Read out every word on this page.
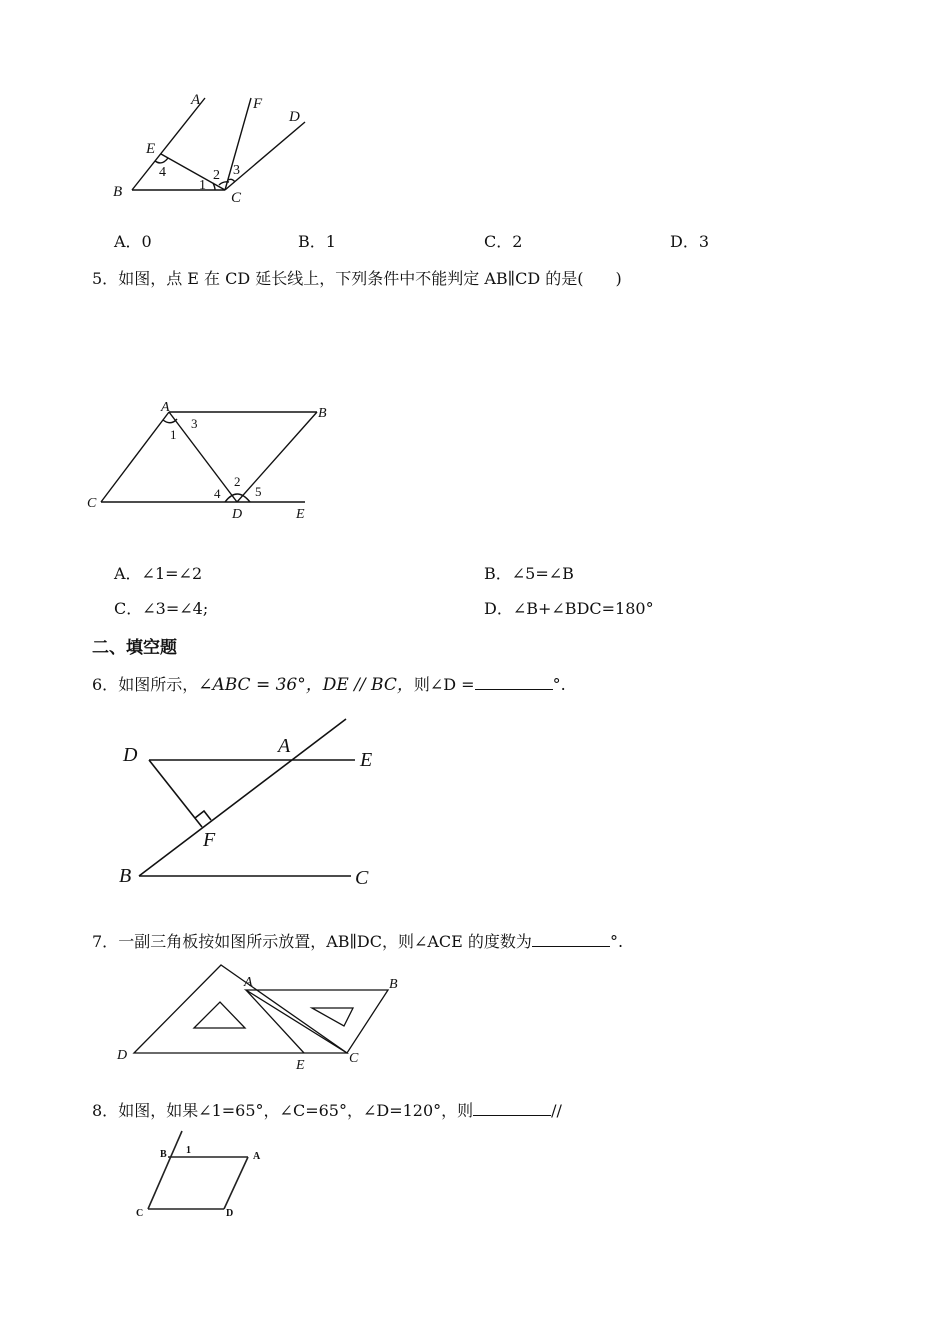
A	F
D
E
B	C
4
1
2 3
A．0	B．1	C．2	D．3
5．如图，点 E 在 CD 延长线上，下列条件中不能判定 AB∥CD 的是(　　)
A	B
C
D	E
1
3
2
4	5
A．∠1=∠2	B．∠5=∠B
C．∠3=∠4;	D．∠B+∠BDC=180°
二、填空题
6．如图所示，∠ABC = 36°，DE // BC，则∠D =	°.
D	A
E
F
B	C
7．一副三角板按如图所示放置，AB∥DC，则∠ACE 的度数为	°.
A	B
D
E	C
8．如图，如果∠1=65°，∠C=65°，∠D=120°，则	//
B 1
A
C	D
